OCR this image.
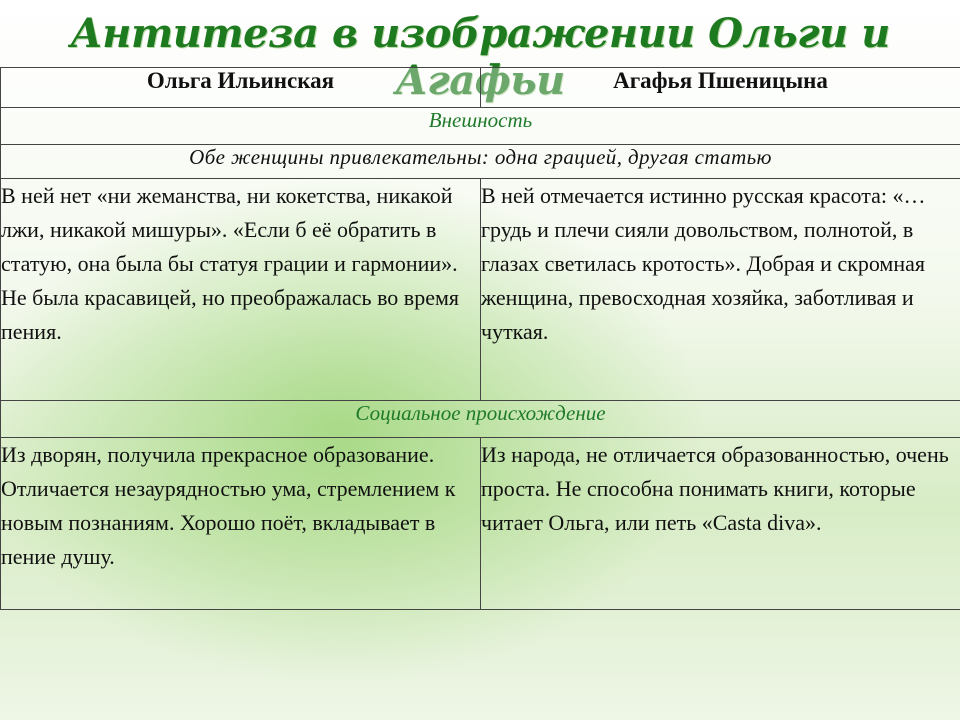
Антитеза в изображении Ольги и Агафьи
Ольга Ильинская	Агафья Пшеницына
Внешность	
Обе женщины привлекательны: одна грацией, другая статью	
В ней нет «ни жеманства, ни кокетства, никакой лжи, никакой мишуры». «Если б её обратить в статую, она была бы статуя грации и гармонии». Не была красавицей, но преображалась во время пения.	В ней отмечается истинно русская красота: «…грудь и плечи сияли довольством, полнотой, в глазах светилась кротость». Добрая и скромная женщина, превосходная хозяйка, заботливая и чуткая.
Социальное происхождение	
Из дворян, получила прекрасное образование. Отличается незаурядностью ума, стремлением к новым познаниям. Хорошо поёт, вкладывает в пение душу.	Из народа, не отличается образованностью, очень проста. Не способна понимать книги, которые читает Ольга, или петь «Casta diva».
